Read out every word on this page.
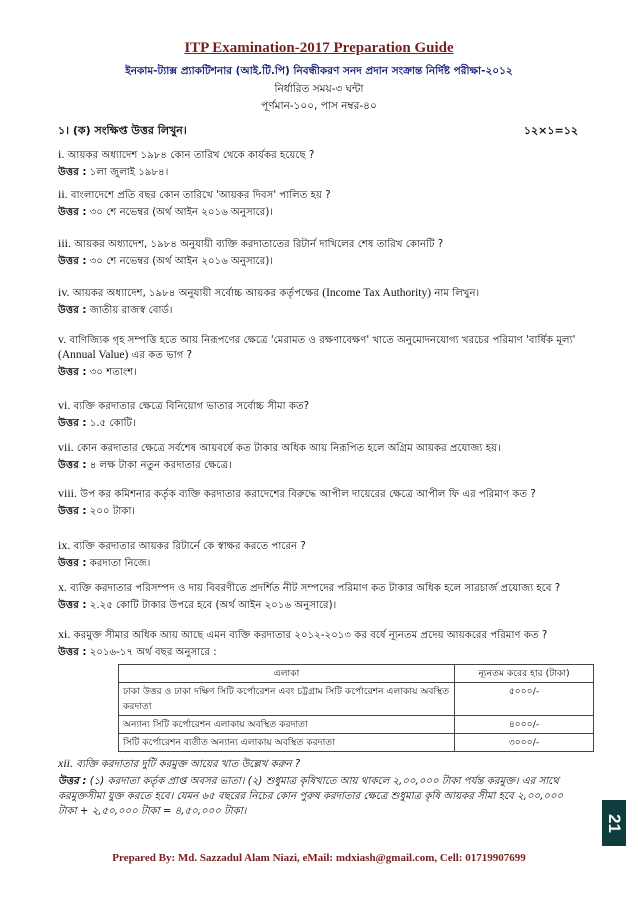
ITP Examination-2017 Preparation Guide
ইনকাম-ট্যাক্স প্র্যাকটিশনার (আই.টি.পি) নিবন্ধীকরণ সনদ প্রদান সংক্রান্ত নির্দিষ্ট পরীক্ষা-২০১২
নির্ধারিত সময়-৩ ঘন্টা
পূর্ণমান-১০০, পাস নম্বর-৪০
১। (ক) সংক্ষিপ্ত উত্তর লিখুন।	১২×১=১২
i. আয়কর অধ্যাদেশ ১৯৮৪ কোন তারিখ থেকে কার্যকর হয়েছে ?
উত্তর : ১লা জুলাই ১৯৮৪।
ii. বাংলাদেশে প্রতি বছর কোন তারিখে 'আয়কর দিবস' পালিত হয় ?
উত্তর : ৩০ শে নভেম্বর (অর্থ আইন ২০১৬ অনুসারে)।
iii. আয়কর অধ্যাদেশ, ১৯৮৪ অনুযায়ী ব্যক্তি করদাতাতের রিটার্ন দাখিলের শেষ তারিখ কোনটি ?
উত্তর : ৩০ শে নভেম্বর (অর্থ আইন ২০১৬ অনুসারে)।
iv. আয়কর অধ্যাদেশ, ১৯৮৪ অনুযায়ী সর্বোচ্চ আয়কর কর্তৃপক্ষের (Income Tax Authority) নাম লিখুন।
উত্তর : জাতীয় রাজস্ব বোর্ড।
v. বাণিজ্যিক গৃহ সম্পত্তি হতে আয় নিরূপণের ক্ষেত্রে 'মেরামত ও রক্ষণাবেক্ষণ' খাতে অনুমোদনযোগ্য খরচের পরিমাণ 'বার্ষিক মূল্য' (Annual Value) এর কত ভাগ ?
উত্তর : ৩০ শতাংশ।
vi. ব্যক্তি করদাতার ক্ষেত্রে বিনিয়োগ ভাতার সর্বোচ্চ সীমা কত?
উত্তর : ১.৫ কোটি।
vii. কোন করদাতার ক্ষেত্রে সর্বশেষ আয়বর্ষে কত টাকার অধিক আয় নিরূপিত হলে অগ্রিম আয়কর প্রযোজ্য হয়।
উত্তর : ৪ লক্ষ টাকা নতুন করদাতার ক্ষেত্রে।
viii. উপ কর কমিশনার কর্তৃক ব্যক্তি করদাতার করাদেশের বিরুদ্ধে আপীল দায়েরের ক্ষেত্রে আপীল ফি এর পরিমাণ কত ?
উত্তর : ২০০ টাকা।
ix. ব্যক্তি করদাতার আয়কর রিটার্নে কে স্বাক্ষর করতে পারেন ?
উত্তর : করদাতা নিজে।
x. ব্যক্তি করদাতার পরিসম্পদ ও দায় বিবরণীতে প্রদর্শিত নীট সম্পদের পরিমাণ কত টাকার অধিক হলে সারচার্জ প্রযোজ্য হবে ?
উত্তর : ২.২৫ কোটি টাকার উপরে হবে (অর্থ আইন ২০১৬ অনুসারে)।
xi. করমুক্ত সীমার অধিক আয় আছে এমন ব্যক্তি করদাতার ২০১২-২০১৩ কর বর্ষে ন্যূনতম প্রদেয় আয়করের পরিমাণ কত ?
উত্তর : ২০১৬-১৭ অর্থ বছর অনুসারে :
এলাকা	ন্যূনতম করের হার (টাকা)
ঢাকা উত্তর ও ঢাকা দক্ষিণ সিটি কর্পোরেশন এবং চট্টগ্রাম সিটি কর্পোরেশন এলাকায় অবস্থিত করদাতা	৫০০০/-
অন্যান্য সিটি কর্পোরেশন এলাকায় অবস্থিত করদাতা	৪০০০/-
সিটি কর্পোরেশন ব্যতীত অন্যান্য এলাকায় অবস্থিত করদাতা	৩০০০/-
xii. ব্যক্তি করদাতার দুটি করমুক্ত আয়ের খাত উল্লেখ করুন ?
উত্তর : (১) করদাতা কর্তৃক প্রাপ্ত অবসর ভাতা। (২) শুধুমাত্র কৃষিখাতে আয় থাকলে ২,০০,০০০ টাকা পর্যন্ত করমুক্ত। এর সাথে করমুক্তসীমা যুক্ত করতে হবে। যেমন ৬৫ বছরের নিচের কোন পুরুষ করদাতার ক্ষেত্রে শুধুমাত্র কৃষি আয়কর সীমা হবে ২,০০,০০০ টাকা + ২,৫০,০০০ টাকা = ৪,৫০,০০০ টাকা।
21
Prepared By: Md. Sazzadul Alam Niazi, eMail: mdxiash@gmail.com, Cell: 01719907699
